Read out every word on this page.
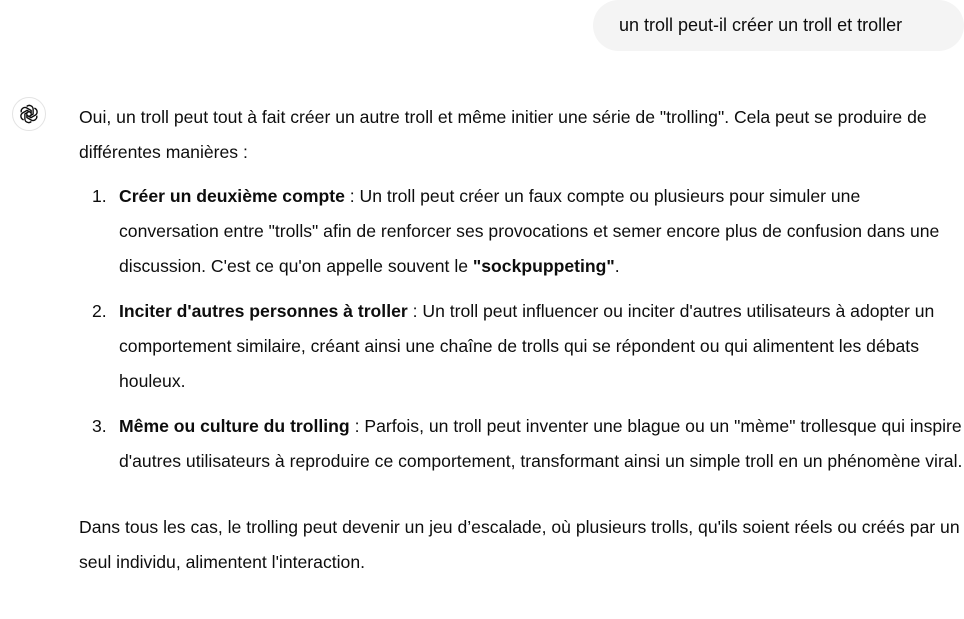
un troll peut-il créer un troll et troller

Oui, un troll peut tout à fait créer un autre troll et même initier une série de "trolling". Cela peut se produire de différentes manières :

1. Créer un deuxième compte : Un troll peut créer un faux compte ou plusieurs pour simuler une conversation entre "trolls" afin de renforcer ses provocations et semer encore plus de confusion dans une discussion. C'est ce qu'on appelle souvent le "sockpuppeting".
2. Inciter d'autres personnes à troller : Un troll peut influencer ou inciter d'autres utilisateurs à adopter un comportement similaire, créant ainsi une chaîne de trolls qui se répondent ou qui alimentent les débats houleux.
3. Même ou culture du trolling : Parfois, un troll peut inventer une blague ou un "mème" trollesque qui inspire d'autres utilisateurs à reproduire ce comportement, transformant ainsi un simple troll en un phénomène viral.

Dans tous les cas, le trolling peut devenir un jeu d’escalade, où plusieurs trolls, qu'ils soient réels ou créés par un seul individu, alimentent l'interaction.
